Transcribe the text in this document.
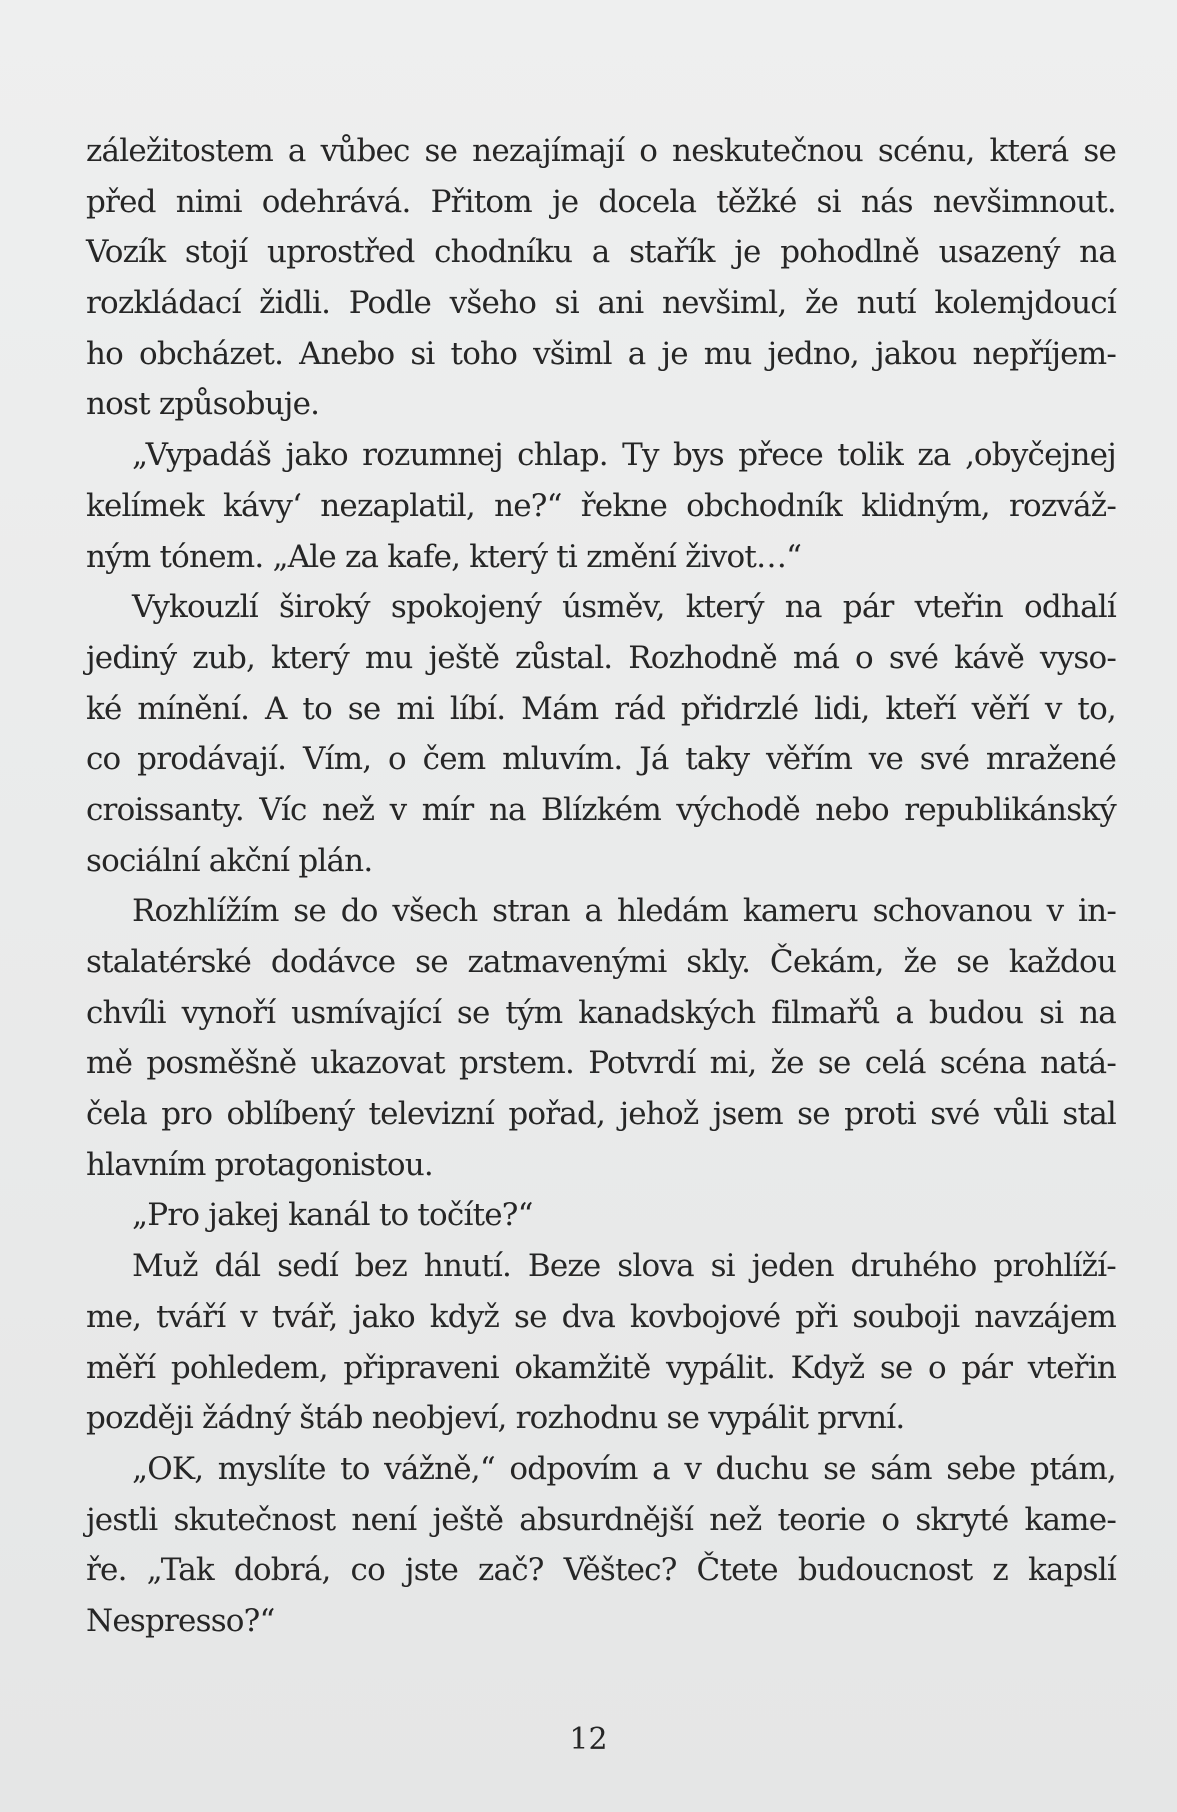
záležitostem a vůbec se nezajímají o neskutečnou scénu, která se
před nimi odehrává. Přitom je docela těžké si nás nevšimnout.
Vozík stojí uprostřed chodníku a stařík je pohodlně usazený na
rozkládací židli. Podle všeho si ani nevšiml, že nutí kolemjdoucí
ho obcházet. Anebo si toho všiml a je mu jedno, jakou nepříjem-
nost způsobuje.
„Vypadáš jako rozumnej chlap. Ty bys přece tolik za ‚obyčejnej
kelímek kávy‘ nezaplatil, ne?“ řekne obchodník klidným, rozváž-
ným tónem. „Ale za kafe, který ti změní život…“
Vykouzlí široký spokojený úsměv, který na pár vteřin odhalí
jediný zub, který mu ještě zůstal. Rozhodně má o své kávě vyso-
ké mínění. A to se mi líbí. Mám rád přidrzlé lidi, kteří věří v to,
co prodávají. Vím, o čem mluvím. Já taky věřím ve své mražené
croissanty. Víc než v mír na Blízkém východě nebo republikánský
sociální akční plán.
Rozhlížím se do všech stran a hledám kameru schovanou v in-
stalatérské dodávce se zatmavenými skly. Čekám, že se každou
chvíli vynoří usmívající se tým kanadských filmařů a budou si na
mě posměšně ukazovat prstem. Potvrdí mi, že se celá scéna natá-
čela pro oblíbený televizní pořad, jehož jsem se proti své vůli stal
hlavním protagonistou.
„Pro jakej kanál to točíte?“
Muž dál sedí bez hnutí. Beze slova si jeden druhého prohlíží-
me, tváří v tvář, jako když se dva kovbojové při souboji navzájem
měří pohledem, připraveni okamžitě vypálit. Když se o pár vteřin
později žádný štáb neobjeví, rozhodnu se vypálit první.
„OK, myslíte to vážně,“ odpovím a v duchu se sám sebe ptám,
jestli skutečnost není ještě absurdnější než teorie o skryté kame-
ře. „Tak dobrá, co jste zač? Věštec? Čtete budoucnost z kapslí
Nespresso?“
12
